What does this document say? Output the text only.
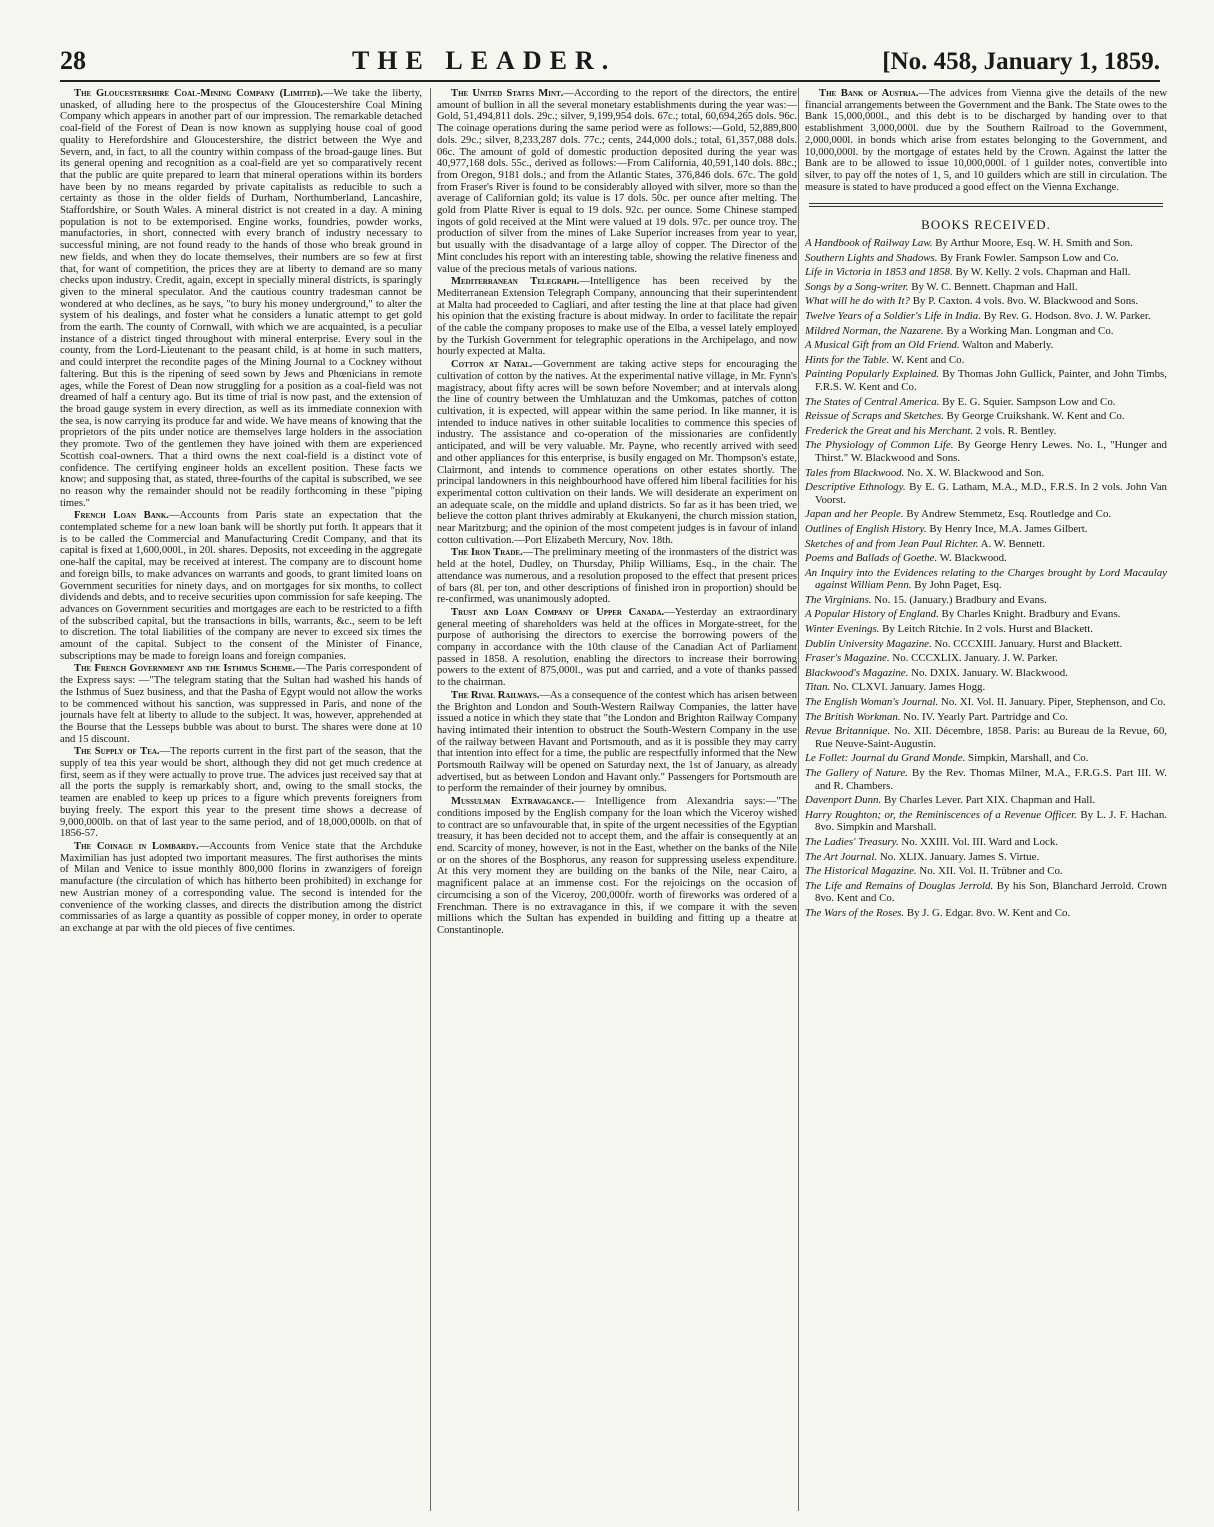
28	THE LEADER.	[No. 458, January 1, 1859.

The Gloucestershire Coal-Mining Company (Limited).—We take the liberty, unasked, of alluding here to the prospectus of the Gloucestershire Coal Mining Company which appears in another part of our impression. The remarkable detached coal-field of the Forest of Dean is now known as supplying house coal of good quality to Herefordshire and Gloucestershire, the district between the Wye and Severn, and, in fact, to all the country within compass of the broad-gauge lines. But its general opening and recognition as a coal-field are yet so comparatively recent that the public are quite prepared to learn that mineral operations within its borders have been by no means regarded by private capitalists as reducible to such a certainty as those in the older fields of Durham, Northumberland, Lancashire, Staffordshire, or South Wales. A mineral district is not created in a day. A mining population is not to be extemporised. Engine works, foundries, powder works, manufactories, in short, connected with every branch of industry necessary to successful mining, are not found ready to the hands of those who break ground in new fields, and when they do locate themselves, their numbers are so few at first that, for want of competition, the prices they are at liberty to demand are so many checks upon industry. Credit, again, except in specially mineral districts, is sparingly given to the mineral speculator. And the cautious country tradesman cannot be wondered at who declines, as he says, "to bury his money underground," to alter the system of his dealings, and foster what he considers a lunatic attempt to get gold from the earth. The county of Cornwall, with which we are acquainted, is a peculiar instance of a district tinged throughout with mineral enterprise. Every soul in the county, from the Lord-Lieutenant to the peasant child, is at home in such matters, and could interpret the recondite pages of the Mining Journal to a Cockney without faltering. But this is the ripening of seed sown by Jews and Phœnicians in remote ages, while the Forest of Dean now struggling for a position as a coal-field was not dreamed of half a century ago. But its time of trial is now past, and the extension of the broad gauge system in every direction, as well as its immediate connexion with the sea, is now carrying its produce far and wide. We have means of knowing that the proprietors of the pits under notice are themselves large holders in the association they promote. Two of the gentlemen they have joined with them are experienced Scottish coal-owners. That a third owns the next coal-field is a distinct vote of confidence. The certifying engineer holds an excellent position. These facts we know; and supposing that, as stated, three-fourths of the capital is subscribed, we see no reason why the remainder should not be readily forthcoming in these "piping times."

French Loan Bank.—Accounts from Paris state an expectation that the contemplated scheme for a new loan bank will be shortly put forth. It appears that it is to be called the Commercial and Manufacturing Credit Company, and that its capital is fixed at 1,600,000l., in 20l. shares. Deposits, not exceeding in the aggregate one-half the capital, may be received at interest. The company are to discount home and foreign bills, to make advances on warrants and goods, to grant limited loans on Government securities for ninety days, and on mortgages for six months, to collect dividends and debts, and to receive securities upon commission for safe keeping. The advances on Government securities and mortgages are each to be restricted to a fifth of the subscribed capital, but the transactions in bills, warrants, &c., seem to be left to discretion. The total liabilities of the company are never to exceed six times the amount of the capital. Subject to the consent of the Minister of Finance, subscriptions may be made to foreign loans and foreign companies.

The French Government and the Isthmus Scheme.—The Paris correspondent of the Express says: —"The telegram stating that the Sultan had washed his hands of the Isthmus of Suez business, and that the Pasha of Egypt would not allow the works to be commenced without his sanction, was suppressed in Paris, and none of the journals have felt at liberty to allude to the subject. It was, however, apprehended at the Bourse that the Lesseps bubble was about to burst. The shares were done at 10 and 15 discount.

The Supply of Tea.—The reports current in the first part of the season, that the supply of tea this year would be short, although they did not get much credence at first, seem as if they were actually to prove true. The advices just received say that at all the ports the supply is remarkably short, and, owing to the small stocks, the teamen are enabled to keep up prices to a figure which prevents foreigners from buying freely. The export this year to the present time shows a decrease of 9,000,000lb. on that of last year to the same period, and of 18,000,000lb. on that of 1856-57.

The Coinage in Lombardy.—Accounts from Venice state that the Archduke Maximilian has just adopted two important measures. The first authorises the mints of Milan and Venice to issue monthly 800,000 florins in zwanzigers of foreign manufacture (the circulation of which has hitherto been prohibited) in exchange for new Austrian money of a corresponding value. The second is intended for the convenience of the working classes, and directs the distribution among the district commissaries of as large a quantity as possible of copper money, in order to operate an exchange at par with the old pieces of five centimes.

The United States Mint.—According to the report of the directors, the entire amount of bullion in all the several monetary establishments during the year was:—Gold, 51,494,811 dols. 29c.; silver, 9,199,954 dols. 67c.; total, 60,694,265 dols. 96c. The coinage operations during the same period were as follows:—Gold, 52,889,800 dols. 29c.; silver, 8,233,287 dols. 77c.; cents, 244,000 dols.; total, 61,357,088 dols. 06c. The amount of gold of domestic production deposited during the year was 40,977,168 dols. 55c., derived as follows:—From California, 40,591,140 dols. 88c.; from Oregon, 9181 dols.; and from the Atlantic States, 376,846 dols. 67c. The gold from Fraser's River is found to be considerably alloyed with silver, more so than the average of Californian gold; its value is 17 dols. 50c. per ounce after melting. The gold from Platte River is equal to 19 dols. 92c. per ounce. Some Chinese stamped ingots of gold received at the Mint were valued at 19 dols. 97c. per ounce troy. The production of silver from the mines of Lake Superior increases from year to year, but usually with the disadvantage of a large alloy of copper. The Director of the Mint concludes his report with an interesting table, showing the relative fineness and value of the precious metals of various nations.

Mediterranean Telegraph.—Intelligence has been received by the Mediterranean Extension Telegraph Company, announcing that their superintendent at Malta had proceeded to Cagliari, and after testing the line at that place had given his opinion that the existing fracture is about midway. In order to facilitate the repair of the cable the company proposes to make use of the Elba, a vessel lately employed by the Turkish Government for telegraphic operations in the Archipelago, and now hourly expected at Malta.

Cotton at Natal.—Government are taking active steps for encouraging the cultivation of cotton by the natives. At the experimental native village, in Mr. Fynn's magistracy, about fifty acres will be sown before November; and at intervals along the line of country between the Umhlatuzan and the Umkomas, patches of cotton cultivation, it is expected, will appear within the same period. In like manner, it is intended to induce natives in other suitable localities to commence this species of industry. The assistance and co-operation of the missionaries are confidently anticipated, and will be very valuable. Mr. Payne, who recently arrived with seed and other appliances for this enterprise, is busily engaged on Mr. Thompson's estate, Clairmont, and intends to commence operations on other estates shortly. The principal landowners in this neighbourhood have offered him liberal facilities for his experimental cotton cultivation on their lands. We will desiderate an experiment on an adequate scale, on the middle and upland districts. So far as it has been tried, we believe the cotton plant thrives admirably at Ekukanyeni, the church mission station, near Maritzburg; and the opinion of the most competent judges is in favour of inland cotton cultivation.—Port Elizabeth Mercury, Nov. 18th.

The Iron Trade.—The preliminary meeting of the ironmasters of the district was held at the hotel, Dudley, on Thursday, Philip Williams, Esq., in the chair. The attendance was numerous, and a resolution proposed to the effect that present prices of bars (8l. per ton, and other descriptions of finished iron in proportion) should be re-confirmed, was unanimously adopted.

Trust and Loan Company of Upper Canada.—Yesterday an extraordinary general meeting of shareholders was held at the offices in Morgate-street, for the purpose of authorising the directors to exercise the borrowing powers of the company in accordance with the 10th clause of the Canadian Act of Parliament passed in 1858. A resolution, enabling the directors to increase their borrowing powers to the extent of 875,000l., was put and carried, and a vote of thanks passed to the chairman.

The Rival Railways.—As a consequence of the contest which has arisen between the Brighton and London and South-Western Railway Companies, the latter have issued a notice in which they state that "the London and Brighton Railway Company having intimated their intention to obstruct the South-Western Company in the use of the railway between Havant and Portsmouth, and as it is possible they may carry that intention into effect for a time, the public are respectfully informed that the New Portsmouth Railway will be opened on Saturday next, the 1st of January, as already advertised, but as between London and Havant only." Passengers for Portsmouth are to perform the remainder of their journey by omnibus.

Mussulman Extravagance.— Intelligence from Alexandria says:—"The conditions imposed by the English company for the loan which the Viceroy wished to contract are so unfavourable that, in spite of the urgent necessities of the Egyptian treasury, it has been decided not to accept them, and the affair is consequently at an end. Scarcity of money, however, is not in the East, whether on the banks of the Nile or on the shores of the Bosphorus, any reason for suppressing useless expenditure. At this very moment they are building on the banks of the Nile, near Cairo, a magnificent palace at an immense cost. For the rejoicings on the occasion of circumcising a son of the Viceroy, 200,000fr. worth of fireworks was ordered of a Frenchman. There is no extravagance in this, if we compare it with the seven millions which the Sultan has expended in building and fitting up a theatre at Constantinople.

The Bank of Austria.—The advices from Vienna give the details of the new financial arrangements between the Government and the Bank. The State owes to the Bank 15,000,000l., and this debt is to be discharged by handing over to that establishment 3,000,000l. due by the Southern Railroad to the Government, 2,000,000l. in bonds which arise from estates belonging to the Government, and 10,000,000l. by the mortgage of estates held by the Crown. Against the latter the Bank are to be allowed to issue 10,000,000l. of 1 guilder notes, convertible into silver, to pay off the notes of 1, 5, and 10 guilders which are still in circulation. The measure is stated to have produced a good effect on the Vienna Exchange.

BOOKS RECEIVED.

A Handbook of Railway Law. By Arthur Moore, Esq. W. H. Smith and Son.

Southern Lights and Shadows. By Frank Fowler. Sampson Low and Co.

Life in Victoria in 1853 and 1858. By W. Kelly. 2 vols. Chapman and Hall.

Songs by a Song-writer. By W. C. Bennett. Chapman and Hall.

What will he do with It? By P. Caxton. 4 vols. 8vo. W. Blackwood and Sons.

Twelve Years of a Soldier's Life in India. By Rev. G. Hodson. 8vo. J. W. Parker.

Mildred Norman, the Nazarene. By a Working Man. Longman and Co.

A Musical Gift from an Old Friend. Walton and Maberly.

Hints for the Table. W. Kent and Co.

Painting Popularly Explained. By Thomas John Gullick, Painter, and John Timbs, F.R.S. W. Kent and Co.

The States of Central America. By E. G. Squier. Sampson Low and Co.

Reissue of Scraps and Sketches. By George Cruikshank. W. Kent and Co.

Frederick the Great and his Merchant. 2 vols. R. Bentley.

The Physiology of Common Life. By George Henry Lewes. No. I., "Hunger and Thirst." W. Blackwood and Sons.

Tales from Blackwood. No. X. W. Blackwood and Son.

Descriptive Ethnology. By E. G. Latham, M.A., M.D., F.R.S. In 2 vols. John Van Voorst.

Japan and her People. By Andrew Stemmetz, Esq. Routledge and Co.

Outlines of English History. By Henry Ince, M.A. James Gilbert.

Sketches of and from Jean Paul Richter. A. W. Bennett.

Poems and Ballads of Goethe. W. Blackwood.

An Inquiry into the Evidences relating to the Charges brought by Lord Macaulay against William Penn. By John Paget, Esq.

The Virginians. No. 15. (January.) Bradbury and Evans.

A Popular History of England. By Charles Knight. Bradbury and Evans.

Winter Evenings. By Leitch Ritchie. In 2 vols. Hurst and Blackett.

Dublin University Magazine. No. CCCXIII. January. Hurst and Blackett.

Fraser's Magazine. No. CCCXLIX. January. J. W. Parker.

Blackwood's Magazine. No. DXIX. January. W. Blackwood.

Titan. No. CLXVI. January. James Hogg.

The English Woman's Journal. No. XI. Vol. II. January. Piper, Stephenson, and Co.

The British Workman. No. IV. Yearly Part. Partridge and Co.

Revue Britannique. No. XII. Décembre, 1858. Paris: au Bureau de la Revue, 60, Rue Neuve-Saint-Augustin.

Le Follet: Journal du Grand Monde. Simpkin, Marshall, and Co.

The Gallery of Nature. By the Rev. Thomas Milner, M.A., F.R.G.S. Part III. W. and R. Chambers.

Davenport Dunn. By Charles Lever. Part XIX. Chapman and Hall.

Harry Roughton; or, the Reminiscences of a Revenue Officer. By L. J. F. Hachan. 8vo. Simpkin and Marshall.

The Ladies' Treasury. No. XXIII. Vol. III. Ward and Lock.

The Art Journal. No. XLIX. January. James S. Virtue.

The Historical Magazine. No. XII. Vol. II. Trübner and Co.

The Life and Remains of Douglas Jerrold. By his Son, Blanchard Jerrold. Crown 8vo. Kent and Co.

The Wars of the Roses. By J. G. Edgar. 8vo. W. Kent and Co.
